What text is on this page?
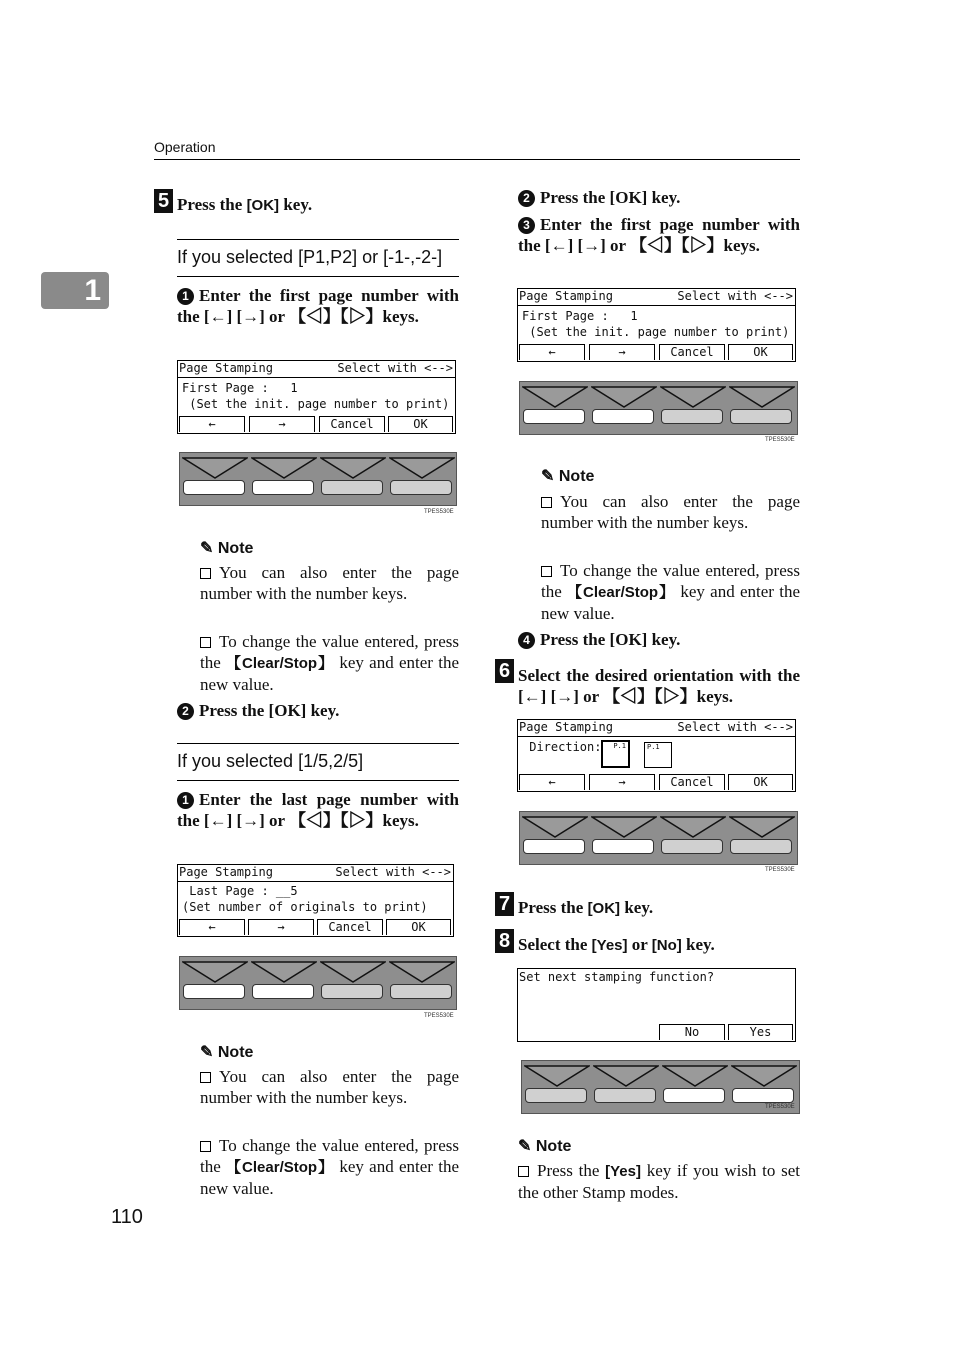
Operation
1
5 Press the [OK] key.
If you selected [P1,P2] or [-1-,-2-]
1 Enter the first page number with the [←] [→] or 【◁】【▷】keys.
Page Stamping	Select with <-->
First Page :   1
(Set the init. page number to print)
←	→	Cancel	OK
TPES530E
✎ Note
You can also enter the page number with the number keys.
To change the value entered, press the 【Clear/Stop】 key and enter the new value.
2 Press the [OK] key.
If you selected [1/5,2/5]
1 Enter the last page number with the [←] [→] or 【◁】【▷】keys.
Page Stamping	Select with <-->
Last Page : __5
(Set number of originals to print)
←	→	Cancel	OK
TPES530E
✎ Note
You can also enter the page number with the number keys.
To change the value entered, press the 【Clear/Stop】 key and enter the new value.
110
2 Press the [OK] key.
3 Enter the first page number with the [←] [→] or 【◁】【▷】keys.
Page Stamping	Select with <-->
First Page :   1
(Set the init. page number to print)
←	→	Cancel	OK
TPES530E
✎ Note
You can also enter the page number with the number keys.
To change the value entered, press the 【Clear/Stop】 key and enter the new value.
4 Press the [OK] key.
6 Select the desired orientation with the [←] [→] or 【◁】【▷】keys.
Page Stamping	Select with <-->
Direction:	P.1	P.1
←	→	Cancel	OK
TPES530E
7 Press the [OK] key.
8 Select the [Yes] or [No] key.
Set next stamping function?
No	Yes
TPES530E
✎ Note
Press the [Yes] key if you wish to set the other Stamp modes.
